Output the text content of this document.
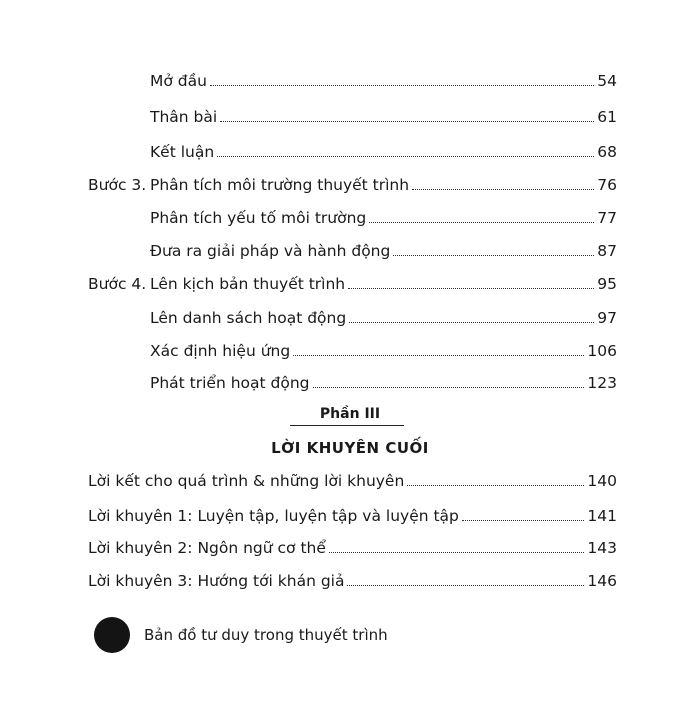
Mở đầu	54
Thân bài	61
Kết luận	68
Bước 3. Phân tích môi trường thuyết trình	76
Phân tích yếu tố môi trường	77
Đưa ra giải pháp và hành động	87
Bước 4. Lên kịch bản thuyết trình	95
Lên danh sách hoạt động	97
Xác định hiệu ứng	106
Phát triển hoạt động	123
Phần III
LỜI KHUYÊN CUỐI
Lời kết cho quá trình & những lời khuyên	140
Lời khuyên 1: Luyện tập, luyện tập và luyện tập	141
Lời khuyên 2: Ngôn ngữ cơ thể	143
Lời khuyên 3: Hướng tới khán giả	146
Bản đồ tư duy trong thuyết trình
